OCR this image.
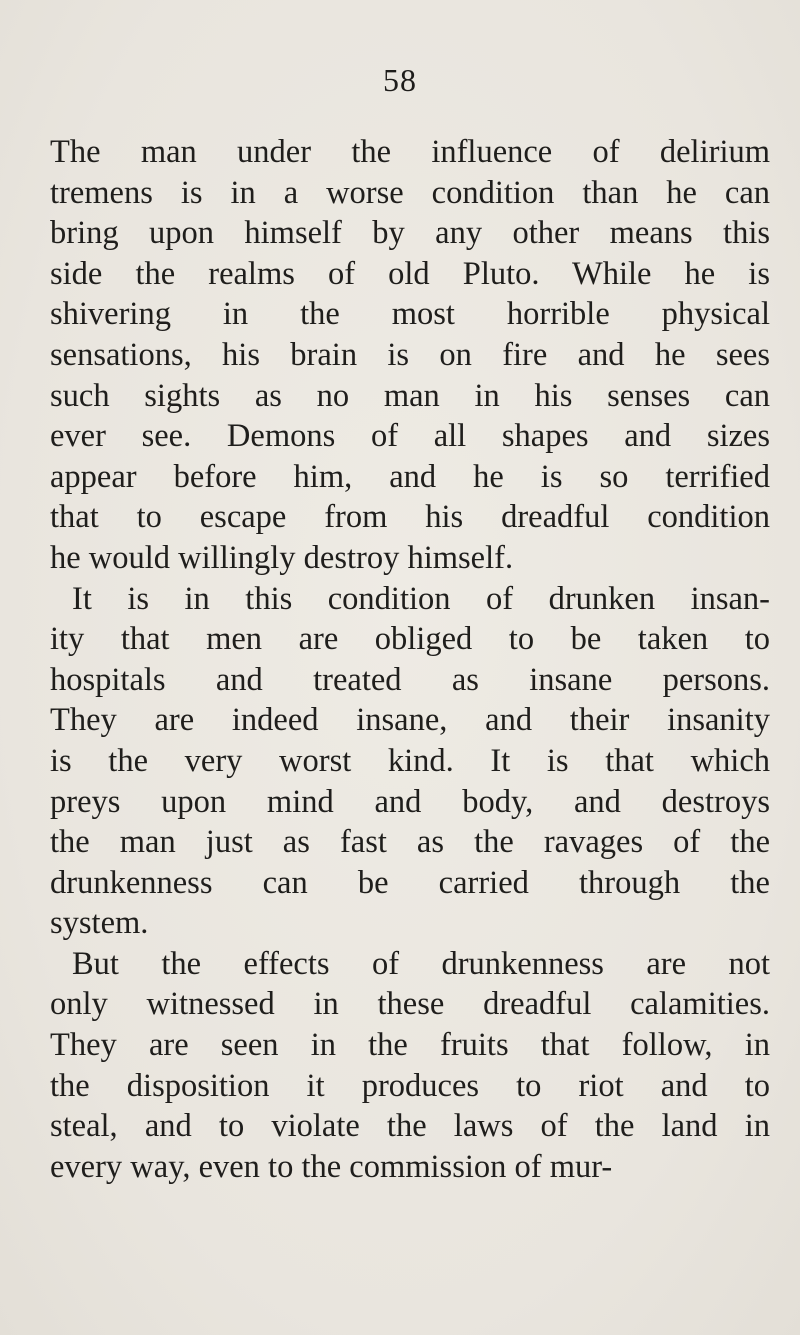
58
The man under the influence of delirium
tremens is in a worse condition than he can
bring upon himself by any other means this
side the realms of old Pluto. While he is
shivering in the most horrible physical
sensations, his brain is on fire and he sees
such sights as no man in his senses can
ever see. Demons of all shapes and sizes
appear before him, and he is so terrified
that to escape from his dreadful condition
he would willingly destroy himself.
It is in this condition of drunken insan-
ity that men are obliged to be taken to
hospitals and treated as insane persons.
They are indeed insane, and their insanity
is the very worst kind. It is that which
preys upon mind and body, and destroys
the man just as fast as the ravages of the
drunkenness can be carried through the
system.
But the effects of drunkenness are not
only witnessed in these dreadful calamities.
They are seen in the fruits that follow, in
the disposition it produces to riot and to
steal, and to violate the laws of the land in
every way, even to the commission of mur-
